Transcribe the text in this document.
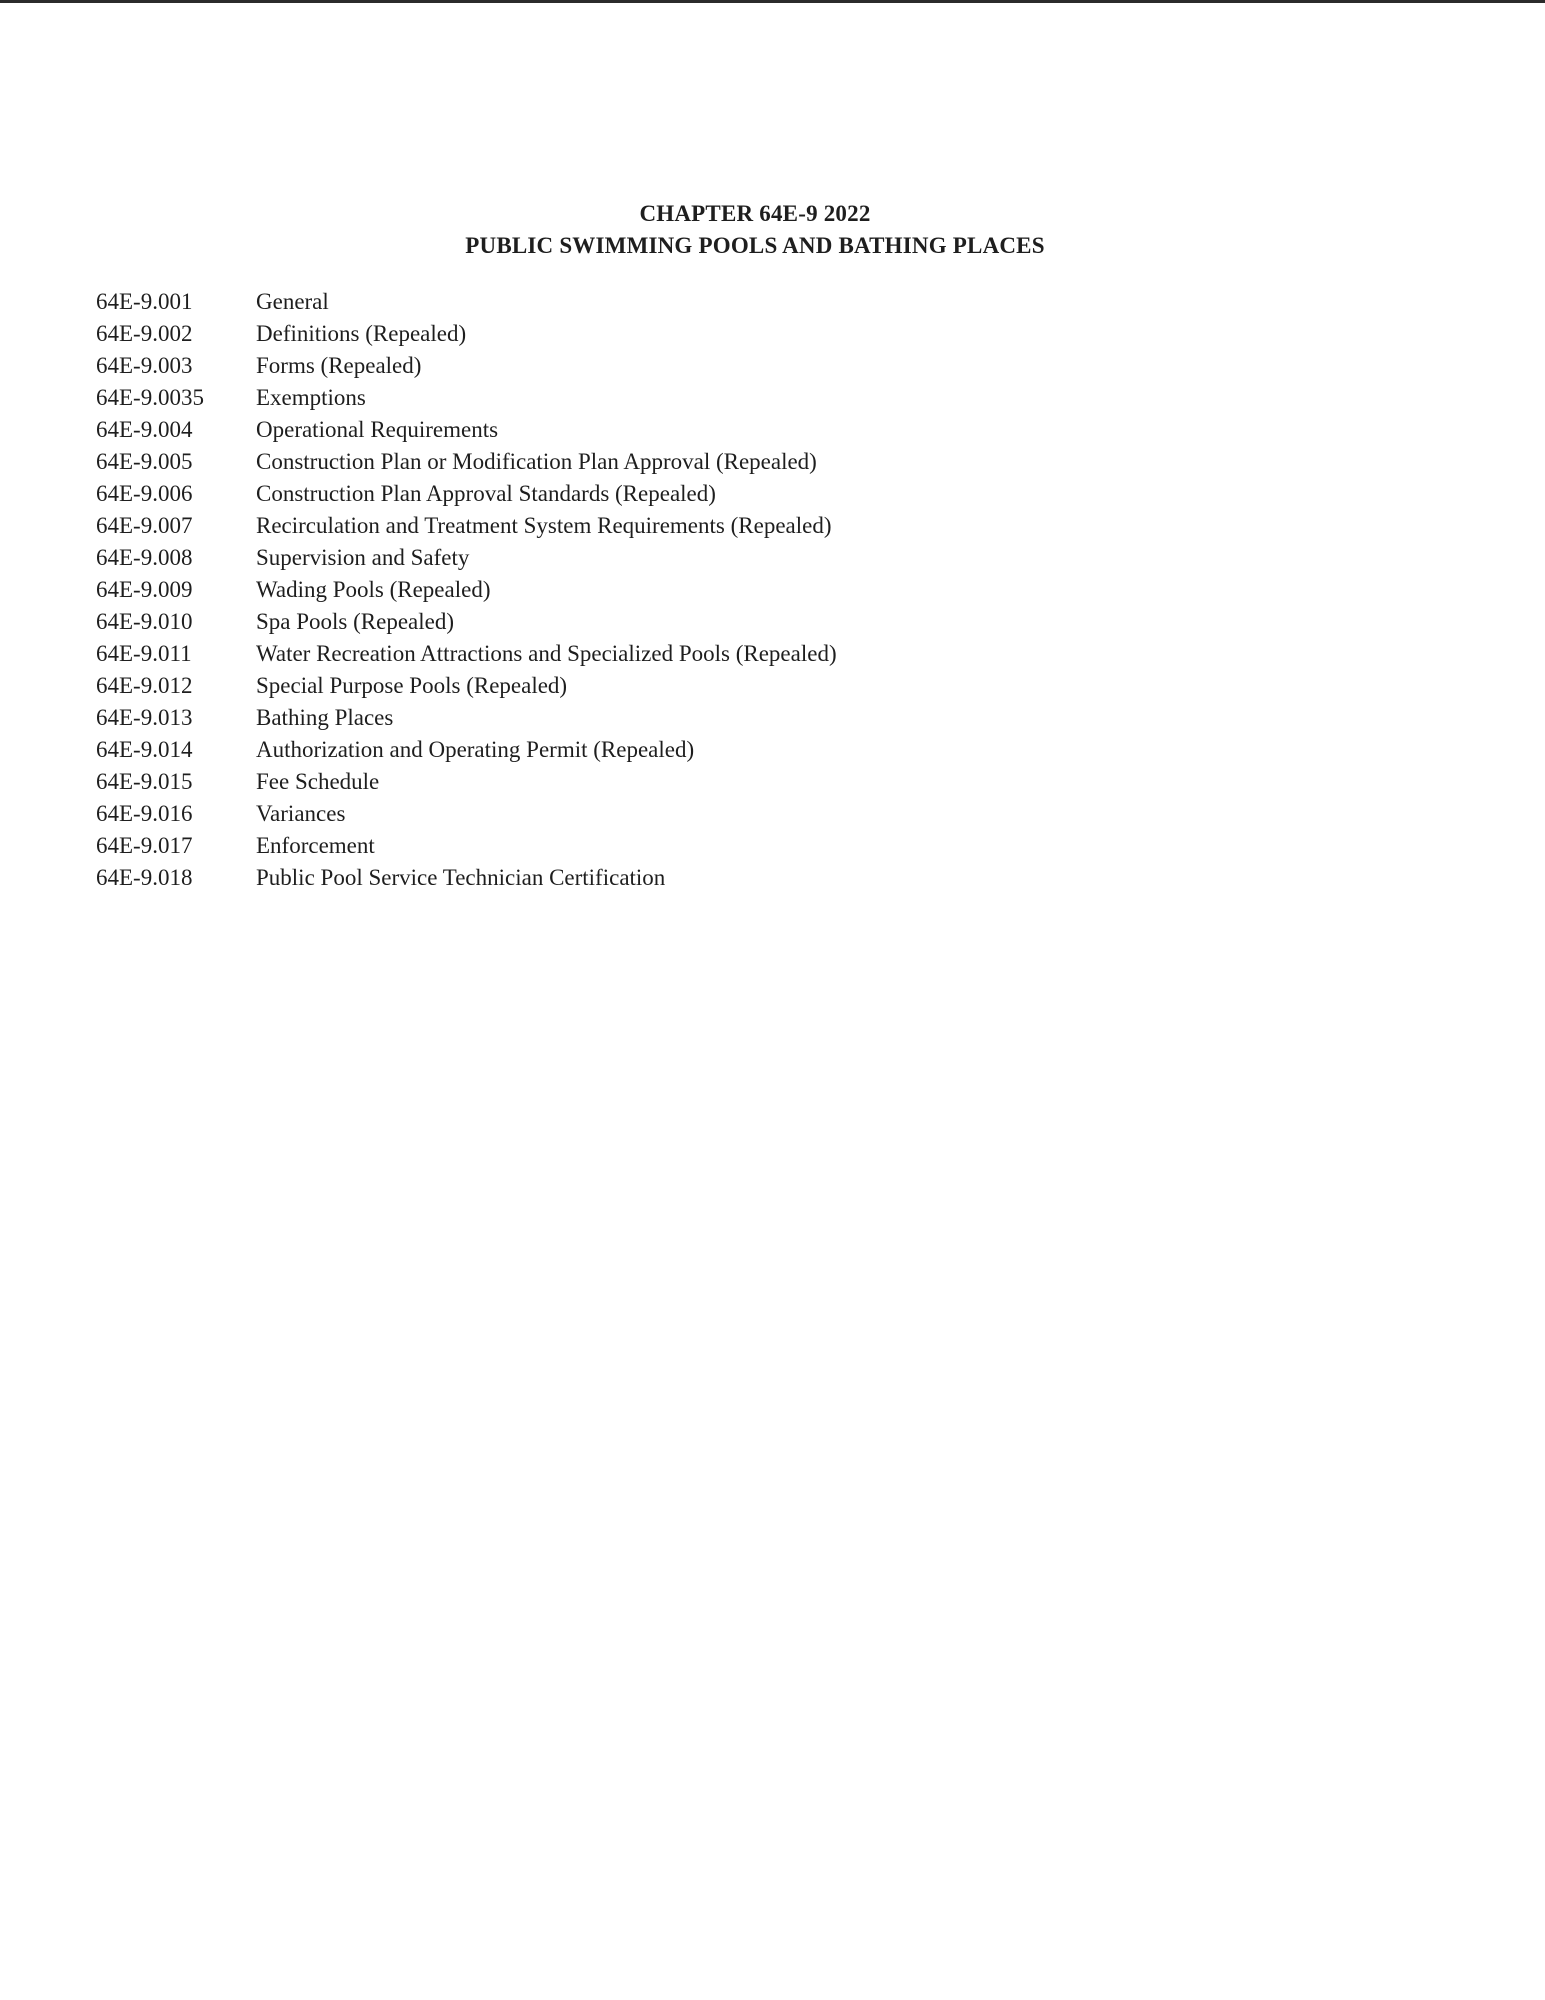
CHAPTER 64E-9 2022
PUBLIC SWIMMING POOLS AND BATHING PLACES
64E-9.001	General
64E-9.002	Definitions (Repealed)
64E-9.003	Forms (Repealed)
64E-9.0035 Exemptions
64E-9.004	Operational Requirements
64E-9.005	Construction Plan or Modification Plan Approval (Repealed)
64E-9.006	Construction Plan Approval Standards (Repealed)
64E-9.007	Recirculation and Treatment System Requirements (Repealed)
64E-9.008	Supervision and Safety
64E-9.009	Wading Pools (Repealed)
64E-9.010	Spa Pools (Repealed)
64E-9.011	Water Recreation Attractions and Specialized Pools (Repealed)
64E-9.012	Special Purpose Pools (Repealed)
64E-9.013	Bathing Places
64E-9.014	Authorization and Operating Permit (Repealed)
64E-9.015	Fee Schedule
64E-9.016	Variances
64E-9.017	Enforcement
64E-9.018	Public Pool Service Technician Certification
